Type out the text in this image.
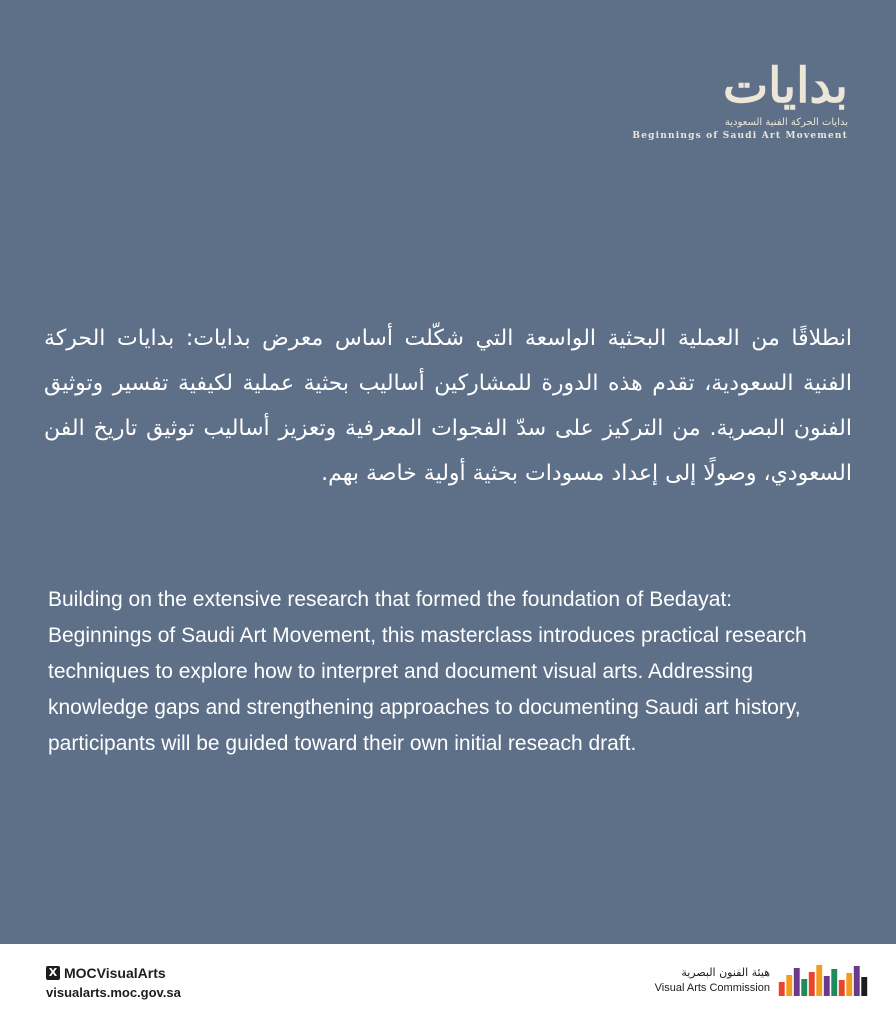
بدايات
بدايات الحركة الفنية السعودية
Beginnings of Saudi Art Movement
انطلاقًا من العملية البحثية الواسعة التي شكّلت أساس معرض بدايات: بدايات الحركة الفنية السعودية، تقدم هذه الدورة للمشاركين أساليب بحثية عملية لكيفية تفسير وتوثيق الفنون البصرية. من التركيز على سدّ الفجوات المعرفية وتعزيز أساليب توثيق تاريخ الفن السعودي، وصولًا إلى إعداد مسودات بحثية أولية خاصة بهم.
Building on the extensive research that formed the foundation of Bedayat: Beginnings of Saudi Art Movement, this masterclass introduces practical research techniques to explore how to interpret and document visual arts. Addressing knowledge gaps and strengthening approaches to documenting Saudi art history, participants will be guided toward their own initial reseach draft.
X MOCVisualArts
visualarts.moc.gov.sa
هيئة الفنون البصرية
Visual Arts Commission
